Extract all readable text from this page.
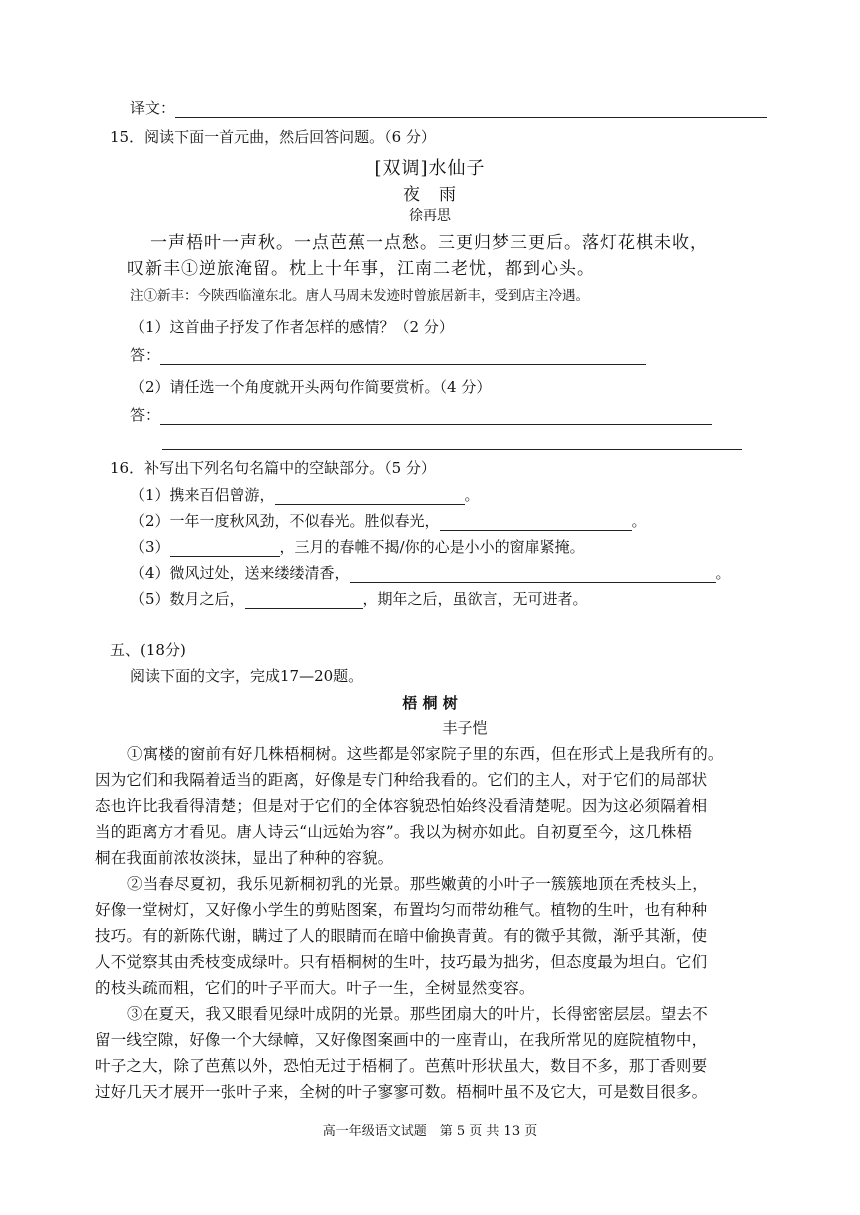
译文：
15．阅读下面一首元曲，然后回答问题。（6 分）
[双调]水仙子
夜　雨
徐再思
一声梧叶一声秋。一点芭蕉一点愁。三更归梦三更后。落灯花棋未收，
叹新丰①逆旅淹留。枕上十年事，江南二老忧，都到心头。
注①新丰：今陕西临潼东北。唐人马周未发迹时曾旅居新丰，受到店主冷遇。
（1）这首曲子抒发了作者怎样的感情？（2 分）
答：
（2）请任选一个角度就开头两句作简要赏析。（4 分）
答：
16．补写出下列名句名篇中的空缺部分。（5 分）
（1）携来百侣曾游，	。
（2）一年一度秋风劲，不似春光。胜似春光，	。
（3）	，三月的春帷不揭/你的心是小小的窗扉紧掩。
（4）微风过处，送来缕缕清香，	。
（5）数月之后，	，期年之后，虽欲言，无可进者。
五、(18分)
阅读下面的文字，完成17—20题。
梧 桐 树
丰子恺
①寓楼的窗前有好几株梧桐树。这些都是邻家院子里的东西，但在形式上是我所有的。
因为它们和我隔着适当的距离，好像是专门种给我看的。它们的主人，对于它们的局部状
态也许比我看得清楚；但是对于它们的全体容貌恐怕始终没看清楚呢。因为这必须隔着相
当的距离方才看见。唐人诗云“山远始为容”。我以为树亦如此。自初夏至今，这几株梧
桐在我面前浓妆淡抹，显出了种种的容貌。
②当春尽夏初，我乐见新桐初乳的光景。那些嫩黄的小叶子一簇簇地顶在秃枝头上，
好像一堂树灯，又好像小学生的剪贴图案，布置均匀而带幼稚气。植物的生叶，也有种种
技巧。有的新陈代谢，瞒过了人的眼睛而在暗中偷换青黄。有的微乎其微，渐乎其渐，使
人不觉察其由秃枝变成绿叶。只有梧桐树的生叶，技巧最为拙劣，但态度最为坦白。它们
的枝头疏而粗，它们的叶子平而大。叶子一生，全树显然变容。
③在夏天，我又眼看见绿叶成阴的光景。那些团扇大的叶片，长得密密层层。望去不
留一线空隙，好像一个大绿幛，又好像图案画中的一座青山，在我所常见的庭院植物中，
叶子之大，除了芭蕉以外，恐怕无过于梧桐了。芭蕉叶形状虽大，数目不多，那丁香则要
过好几天才展开一张叶子来，全树的叶子寥寥可数。梧桐叶虽不及它大，可是数目很多。
高一年级语文试题　第 5 页 共 13 页
